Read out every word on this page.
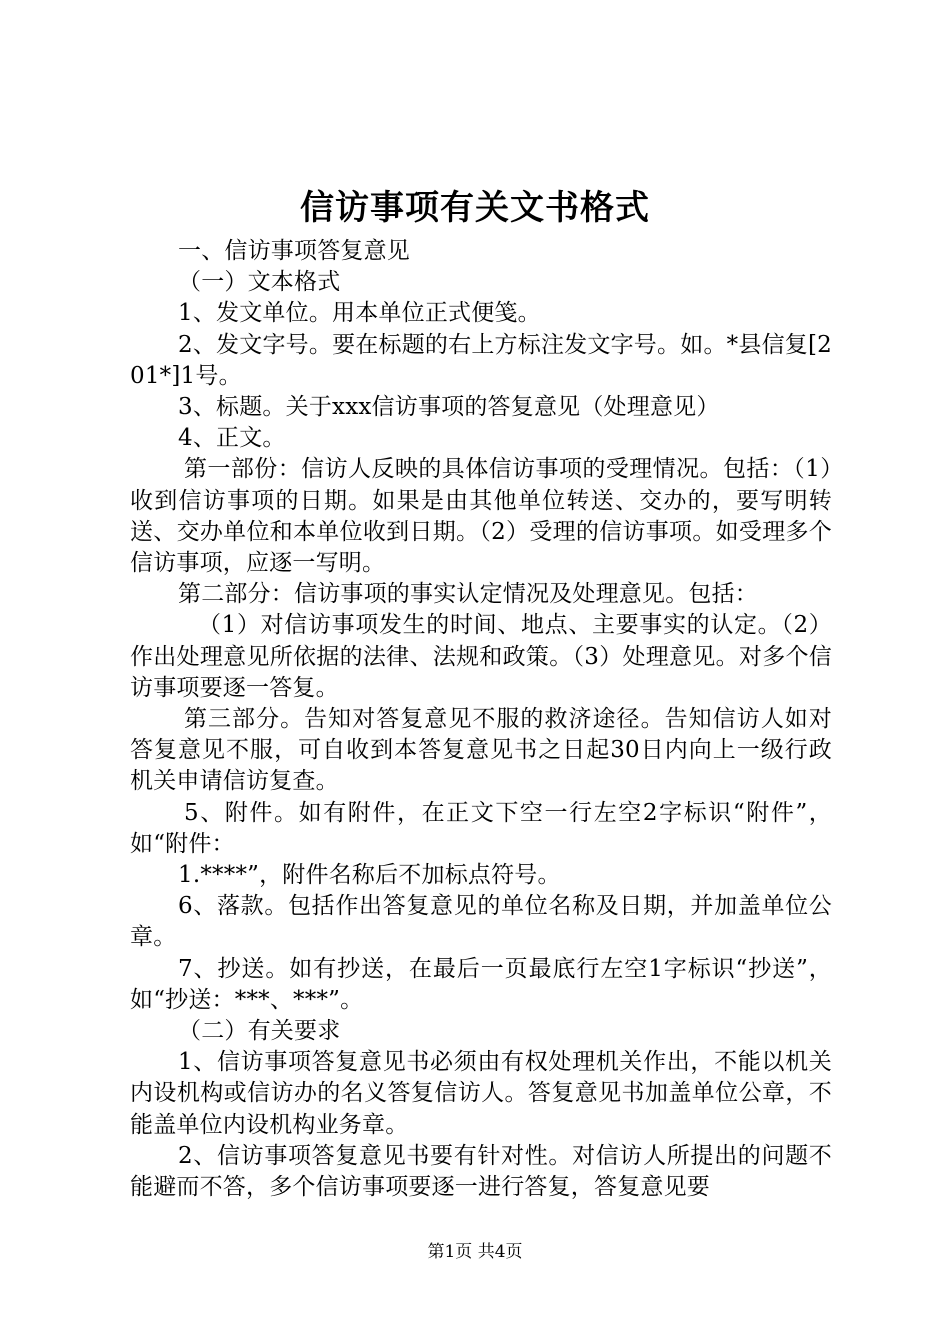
信访事项有关文书格式

一、信访事项答复意见

（一）文本格式

1、发文单位。用本单位正式便笺。

2、发文字号。要在标题的右上方标注发文字号。如。*县信复[201*]1号。

3、标题。关于xxx信访事项的答复意见（处理意见）

4、正文。

第一部份：信访人反映的具体信访事项的受理情况。包括：（1）收到信访事项的日期。如果是由其他单位转送、交办的，要写明转送、交办单位和本单位收到日期。（2）受理的信访事项。如受理多个信访事项，应逐一写明。

第二部分：信访事项的事实认定情况及处理意见。包括：

（1）对信访事项发生的时间、地点、主要事实的认定。（2）作出处理意见所依据的法律、法规和政策。（3）处理意见。对多个信访事项要逐一答复。

第三部分。告知对答复意见不服的救济途径。告知信访人如对答复意见不服，可自收到本答复意见书之日起30日内向上一级行政机关申请信访复查。

5、附件。如有附件，在正文下空一行左空2字标识“附件”，如“附件：

1.****”，附件名称后不加标点符号。

6、落款。包括作出答复意见的单位名称及日期，并加盖单位公章。

7、抄送。如有抄送，在最后一页最底行左空1字标识“抄送”，如“抄送：***、***”。

（二）有关要求

1、信访事项答复意见书必须由有权处理机关作出，不能以机关内设机构或信访办的名义答复信访人。答复意见书加盖单位公章，不能盖单位内设机构业务章。

2、信访事项答复意见书要有针对性。对信访人所提出的问题不能避而不答，多个信访事项要逐一进行答复，答复意见要

第1页 共4页
